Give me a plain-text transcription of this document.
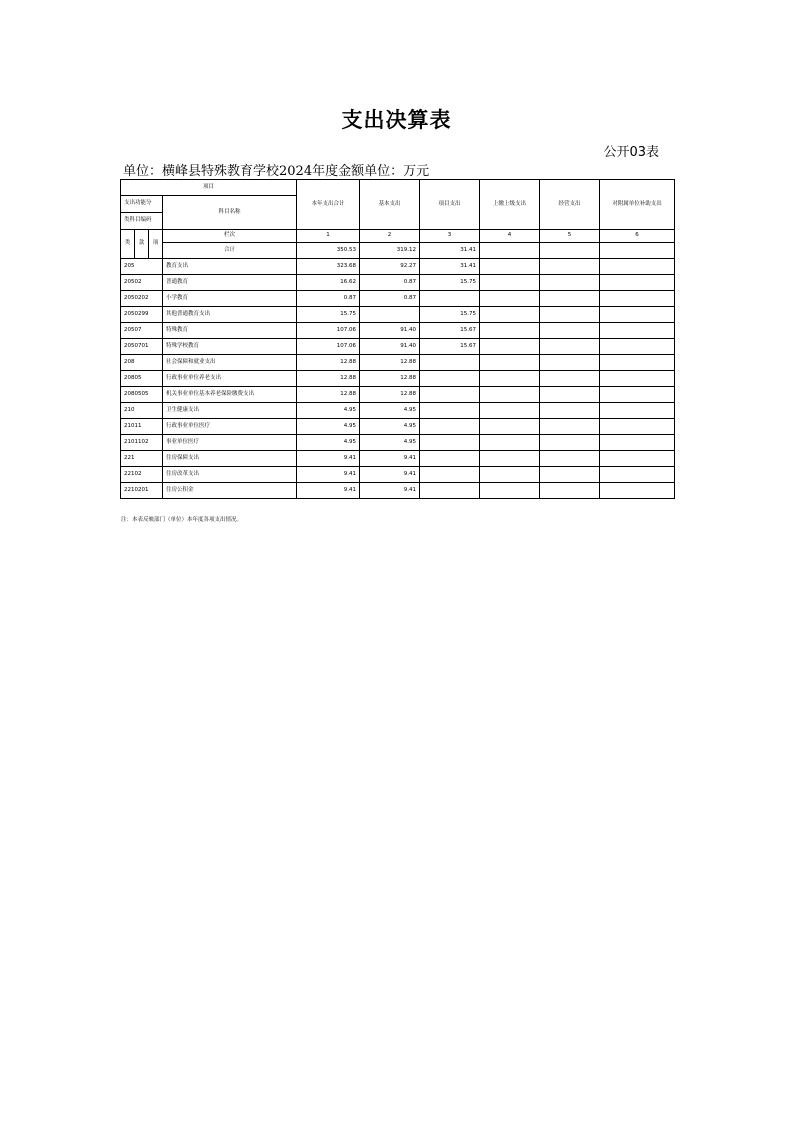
支出决算表
公开03表
单位：横峰县特殊教育学校2024年度金额单位：万元
项目				本年支出合计	基本支出	项目支出	上缴上级支出	经营支出	对附属单位补助支出
支出功能分			科目名称						
类科目编码									
类	款	项	栏次	1	2	3	4	5	6
			合计	350.53	319.12	31.41			
205			教育支出	323.68	92.27	31.41			
20502			普通教育	16.62	0.87	15.75			
2050202			小学教育	0.87	0.87				
2050299			其他普通教育支出	15.75		15.75			
20507			特殊教育	107.06	91.40	15.67			
2050701			特殊学校教育	107.06	91.40	15.67			
208			社会保障和就业支出	12.88	12.88				
20805			行政事业单位养老支出	12.88	12.88				
2080505			机关事业单位基本养老保险缴费支出	12.88	12.88				
210			卫生健康支出	4.95	4.95				
21011			行政事业单位医疗	4.95	4.95				
2101102			事业单位医疗	4.95	4.95				
221			住房保障支出	9.41	9.41				
22102			住房改革支出	9.41	9.41				
2210201			住房公积金	9.41	9.41				
注：本表反映部门（单位）本年度各项支出情况。
